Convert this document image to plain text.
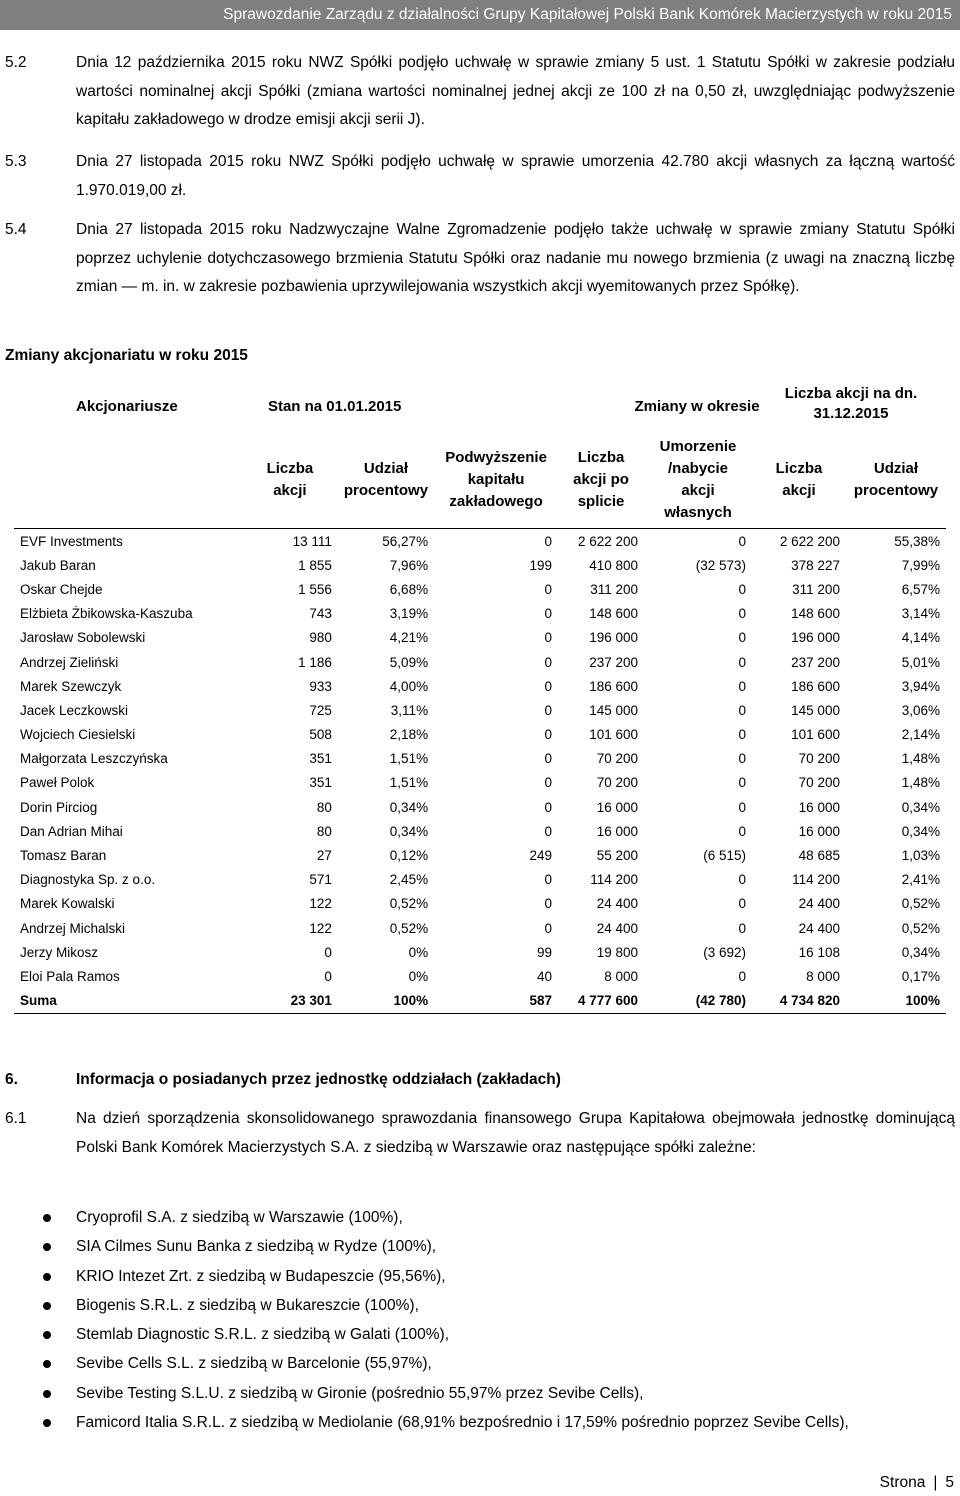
Sprawozdanie Zarządu z działalności Grupy Kapitałowej Polski Bank Komórek Macierzystych w roku 2015
5.2	Dnia 12 października 2015 roku NWZ Spółki podjęło uchwałę w sprawie zmiany 5 ust. 1 Statutu Spółki w zakresie podziału wartości nominalnej akcji Spółki (zmiana wartości nominalnej jednej akcji ze 100 zł na 0,50 zł, uwzględniając podwyższenie kapitału zakładowego w drodze emisji akcji serii J).
5.3	Dnia 27 listopada 2015 roku NWZ Spółki podjęło uchwałę w sprawie umorzenia 42.780 akcji własnych za łączną wartość 1.970.019,00 zł.
5.4	Dnia 27 listopada 2015 roku Nadzwyczajne Walne Zgromadzenie podjęło także uchwałę w sprawie zmiany Statutu Spółki poprzez uchylenie dotychczasowego brzmienia Statutu Spółki oraz nadanie mu nowego brzmienia (z uwagi na znaczną liczbę zmian — m. in. w zakresie pozbawienia uprzywilejowania wszystkich akcji wyemitowanych przez Spółkę).
Zmiany akcjonariatu w roku 2015
Akcjonariusze	Stan na 01.01.2015		Zmiany w okresie				Liczba akcji na dn. 31.12.2015

	Liczba akcji	Udział procentowy	Podwyższenie kapitału zakładowego	Liczba akcji po splicie	Umorzenie /nabycie akcji własnych	Liczba akcji	Udział procentowy
EVF Investments	13 111	56,27%	0	2 622 200	0	2 622 200	55,38%
Jakub Baran	1 855	7,96%	199	410 800	(32 573)	378 227	7,99%
Oskar Chejde	1 556	6,68%	0	311 200	0	311 200	6,57%
Elżbieta Żbikowska-Kaszuba	743	3,19%	0	148 600	0	148 600	3,14%
Jarosław Sobolewski	980	4,21%	0	196 000	0	196 000	4,14%
Andrzej Zieliński	1 186	5,09%	0	237 200	0	237 200	5,01%
Marek Szewczyk	933	4,00%	0	186 600	0	186 600	3,94%
Jacek Leczkowski	725	3,11%	0	145 000	0	145 000	3,06%
Wojciech Ciesielski	508	2,18%	0	101 600	0	101 600	2,14%
Małgorzata Leszczyńska	351	1,51%	0	70 200	0	70 200	1,48%
Paweł Polok	351	1,51%	0	70 200	0	70 200	1,48%
Dorin Pirciog	80	0,34%	0	16 000	0	16 000	0,34%
Dan Adrian Mihai	80	0,34%	0	16 000	0	16 000	0,34%
Tomasz Baran	27	0,12%	249	55 200	(6 515)	48 685	1,03%
Diagnostyka Sp. z o.o.	571	2,45%	0	114 200	0	114 200	2,41%
Marek Kowalski	122	0,52%	0	24 400	0	24 400	0,52%
Andrzej Michalski	122	0,52%	0	24 400	0	24 400	0,52%
Jerzy Mikosz	0	0%	99	19 800	(3 692)	16 108	0,34%
Eloi Pala Ramos	0	0%	40	8 000	0	8 000	0,17%
Suma	23 301	100%	587	4 777 600	(42 780)	4 734 820	100%
6.	Informacja o posiadanych przez jednostkę oddziałach (zakładach)
6.1	Na dzień sporządzenia skonsolidowanego sprawozdania finansowego Grupa Kapitałowa obejmowała jednostkę dominującą Polski Bank Komórek Macierzystych S.A. z siedzibą w Warszawie oraz następujące spółki zależne:
Cryoprofil S.A. z siedzibą w Warszawie (100%),
SIA Cilmes Sunu Banka z siedzibą w Rydze (100%),
KRIO Intezet Zrt. z siedzibą w Budapeszcie (95,56%),
Biogenis S.R.L. z siedzibą w Bukareszcie (100%),
Stemlab Diagnostic S.R.L. z siedzibą w Galati (100%),
Sevibe Cells S.L. z siedzibą w Barcelonie (55,97%),
Sevibe Testing S.L.U. z siedzibą w Gironie (pośrednio 55,97% przez Sevibe Cells),
Famicord Italia S.R.L. z siedzibą w Mediolanie (68,91% bezpośrednio i 17,59% pośrednio poprzez Sevibe Cells),
Strona | 5
